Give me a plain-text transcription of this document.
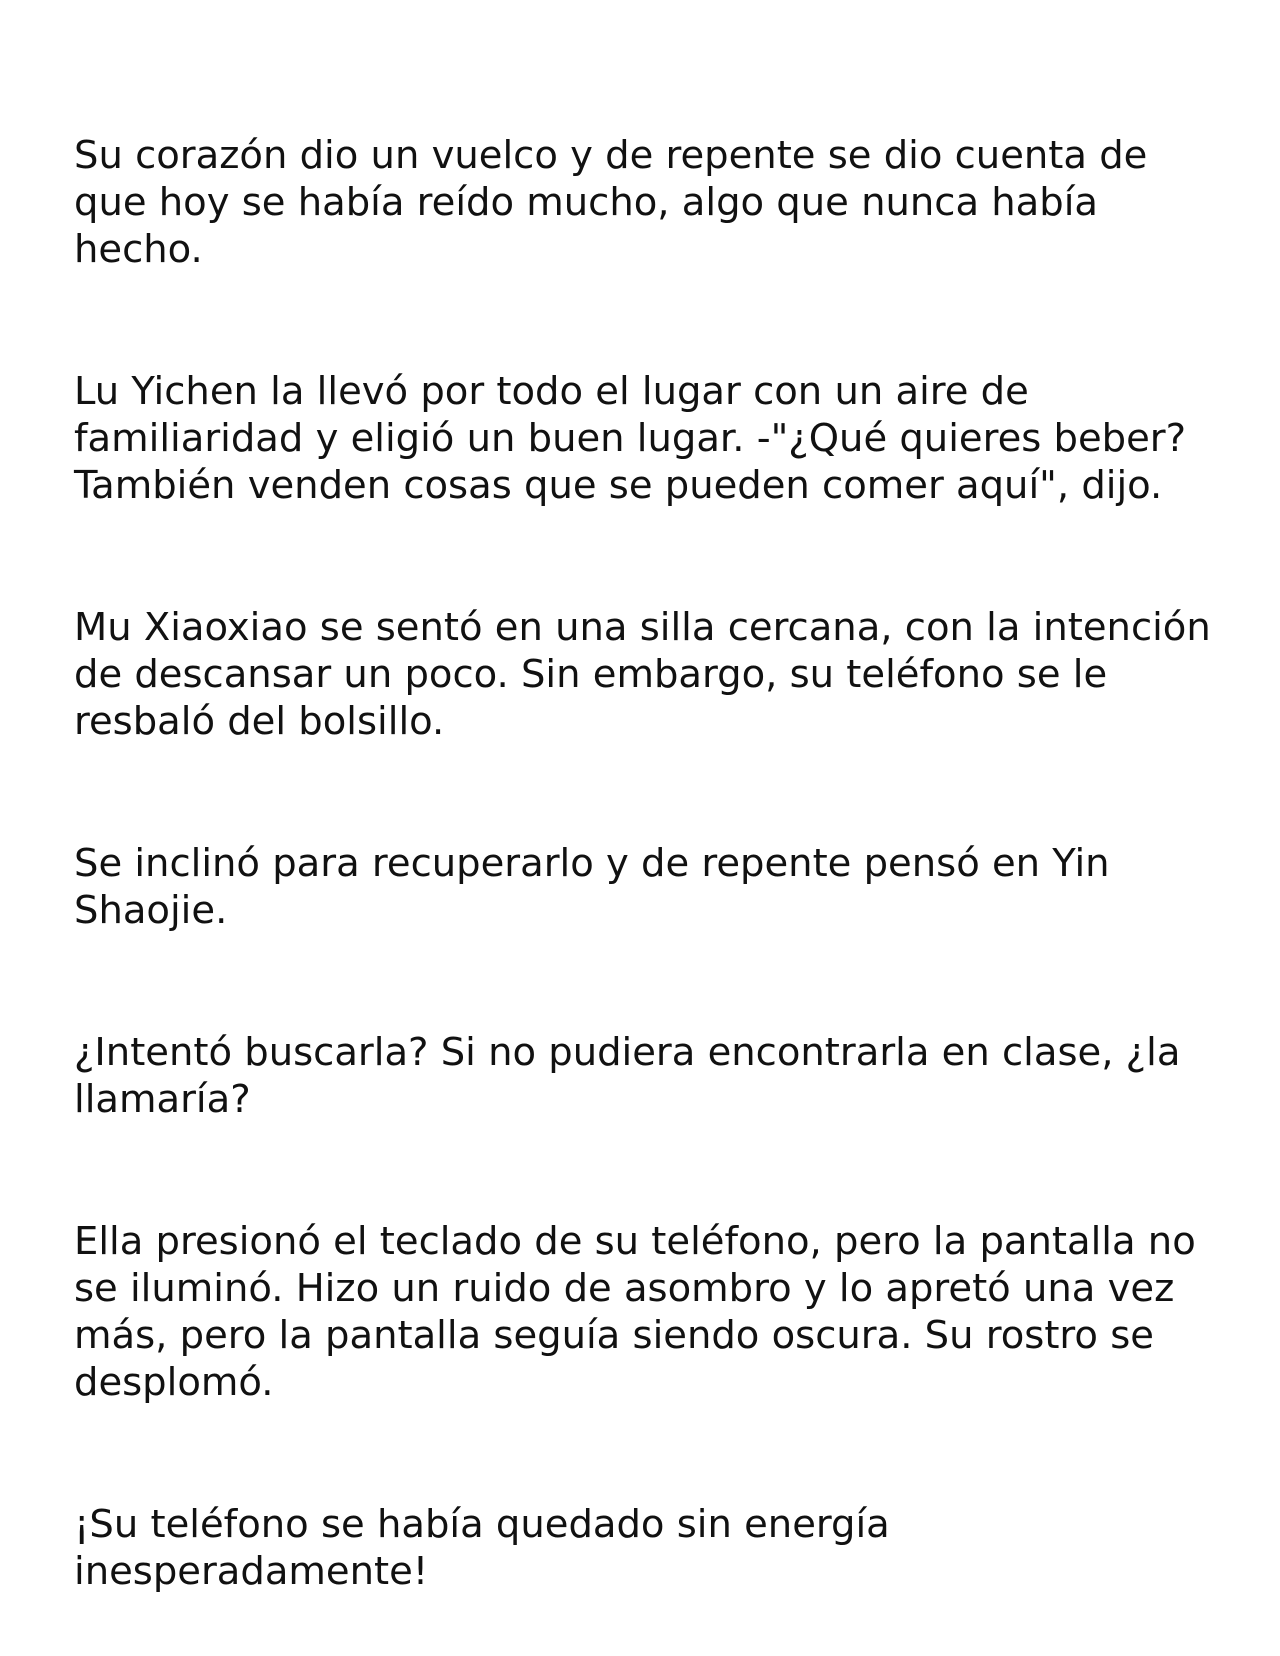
Su corazón dio un vuelco y de repente se dio cuenta de
que hoy se había reído mucho, algo que nunca había
hecho.

Lu Yichen la llevó por todo el lugar con un aire de
familiaridad y eligió un buen lugar. -"¿Qué quieres beber?
También venden cosas que se pueden comer aquí", dijo.

Mu Xiaoxiao se sentó en una silla cercana, con la intención
de descansar un poco. Sin embargo, su teléfono se le
resbaló del bolsillo.

Se inclinó para recuperarlo y de repente pensó en Yin
Shaojie.

¿Intentó buscarla? Si no pudiera encontrarla en clase, ¿la
llamaría?

Ella presionó el teclado de su teléfono, pero la pantalla no
se iluminó. Hizo un ruido de asombro y lo apretó una vez
más, pero la pantalla seguía siendo oscura. Su rostro se
desplomó.

¡Su teléfono se había quedado sin energía
inesperadamente!
